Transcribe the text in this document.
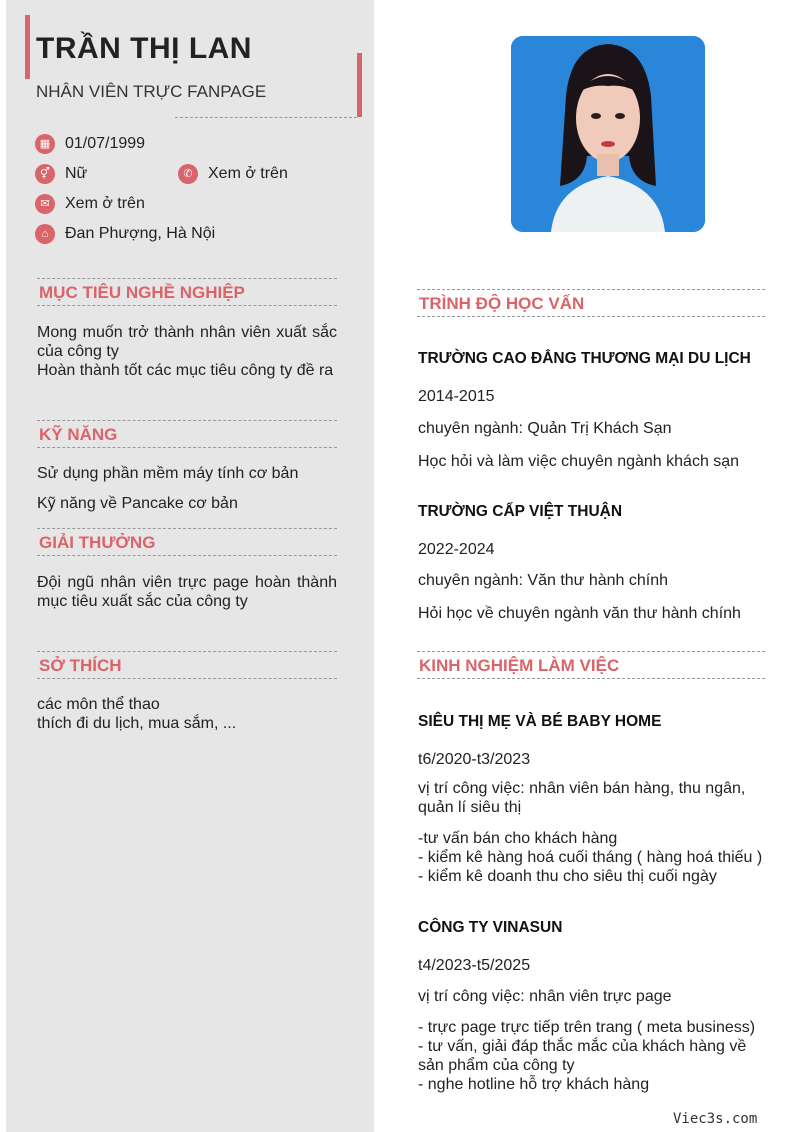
TRẦN THỊ LAN
NHÂN VIÊN TRỰC FANPAGE
▦ 01/07/1999
⚥ Nữ	✆ Xem ở trên
✉ Xem ở trên
⌂	Đan Phượng, Hà Nội
MỤC TIÊU NGHỀ NGHIỆP
Mong muốn trở thành nhân viên xuất sắc của công ty
Hoàn thành tốt các mục tiêu công ty đề ra
KỸ NĂNG
Sử dụng phần mềm máy tính cơ bản
Kỹ năng về Pancake cơ bản
GIẢI THƯỞNG
Đội ngũ nhân viên trực page hoàn thành mục tiêu xuất sắc của công ty
SỞ THÍCH
các môn thể thao
thích đi du lịch, mua sắm, ...
TRÌNH ĐỘ HỌC VẤN
TRƯỜNG CAO ĐẲNG THƯƠNG MẠI DU LỊCH
2014-2015
chuyên ngành: Quản Trị Khách Sạn
Học hỏi và làm việc chuyên ngành khách sạn
TRƯỜNG CẤP VIỆT THUẬN
2022-2024
chuyên ngành: Văn thư hành chính
Hỏi học về chuyên ngành văn thư hành chính
KINH NGHIỆM LÀM VIỆC
SIÊU THỊ MẸ VÀ BÉ BABY HOME
t6/2020-t3/2023
vị trí công việc: nhân viên bán hàng, thu ngân, quản lí siêu thị
-tư vấn bán cho khách hàng
- kiểm kê hàng hoá cuối tháng ( hàng hoá thiếu )
- kiểm kê doanh thu cho siêu thị cuối ngày
CÔNG TY VINASUN
t4/2023-t5/2025
vị trí công việc: nhân viên trực page
- trực page trực tiếp trên trang ( meta business)
- tư vấn, giải đáp thắc mắc của khách hàng về sản phẩm của công ty
- nghe hotline hỗ trợ khách hàng
Viec3s.com
